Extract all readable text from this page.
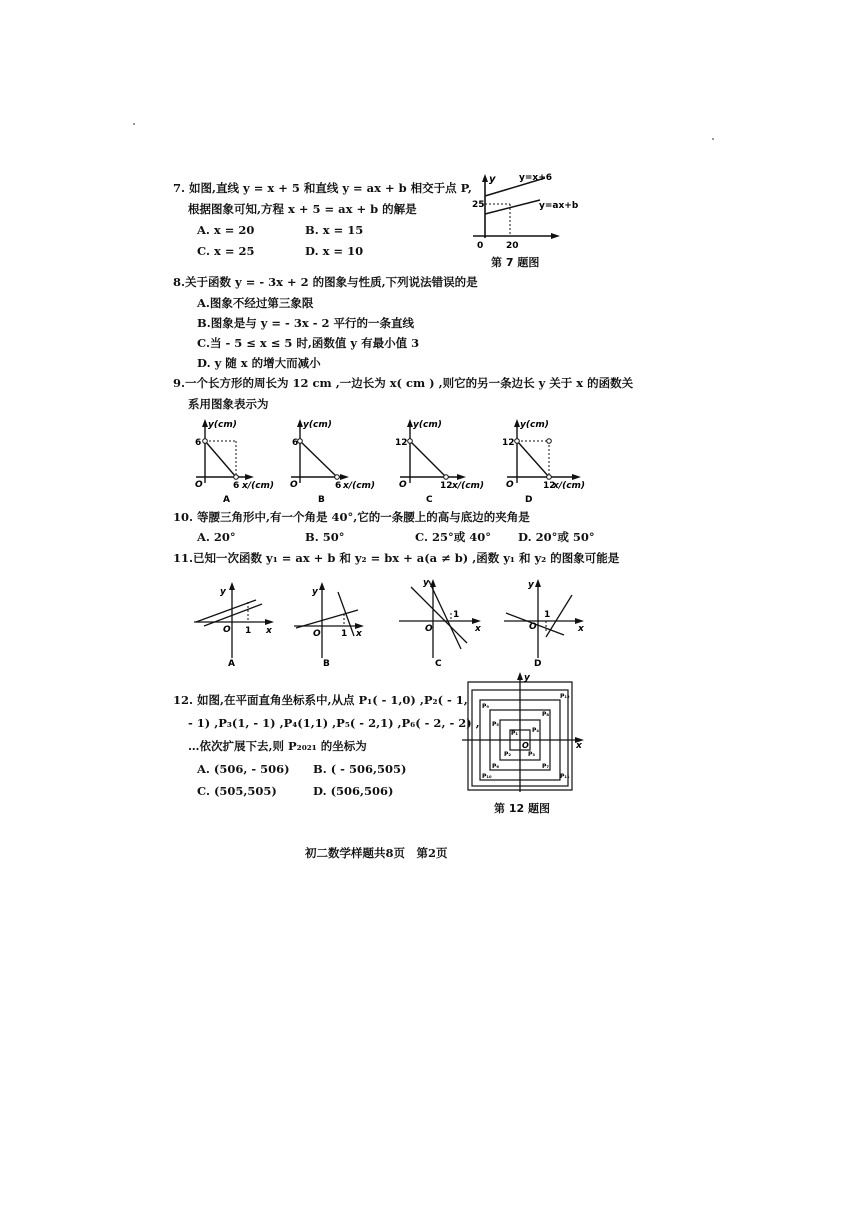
7. 如图,直线 y = x + 5 和直线 y = ax + b 相交于点 P,
根据图象可知,方程 x + 5 = ax + b 的解是
A. x = 20	B. x = 15
C. x = 25	D. x = 10
y	y=x+6
y=ax+b
25
20
0
第 7 题图
8.关于函数 y = - 3x + 2 的图象与性质,下列说法错误的是
A.图象不经过第三象限
B.图象是与 y = - 3x - 2 平行的一条直线
C.当 - 5 ≤ x ≤ 5 时,函数值 y 有最小值 3
D. y 随 x 的增大而减小
9.一个长方形的周长为 12 cm ,一边长为 x( cm ) ,则它的另一条边长 y 关于 x 的函数关
系用图象表示为
y(cm)
6
O	6 x/(cm)
A
y(cm)
6
O	6 x/(cm)
B
y(cm)
12
O	12 x/(cm)
C
y(cm)
12
O	12
x/(cm)
D
10. 等腰三角形中,有一个角是 40°,它的一条腰上的高与底边的夹角是
A. 20°	B. 50°	C. 25°或 40° D. 20°或 50°
11.已知一次函数 y₁ = ax + b 和 y₂ = bx + a(a ≠ b) ,函数 y₁ 和 y₂ 的图象可能是
y
O 1 x
A
y
O 1 x
B
y
O
1
x
C
y
O
1
x
D
12. 如图,在平面直角坐标系中,从点 P₁( - 1,0) ,P₂( - 1,
- 1) ,P₃(1, - 1) ,P₄(1,1) ,P₅( - 2,1) ,P₆( - 2, - 2) ,
…依次扩展下去,则 P₂₀₂₁ 的坐标为
A. (506, - 506) B. ( - 506,505)
C. (505,505)	D. (506,506)
y
x
O
P₁
P₂	P₃
P₄
P₅
P₆	P₇
P₈
P₉
P₁₀	P₁₁
P₁₂
第 12 题图
初二数学样题共8页　第2页
